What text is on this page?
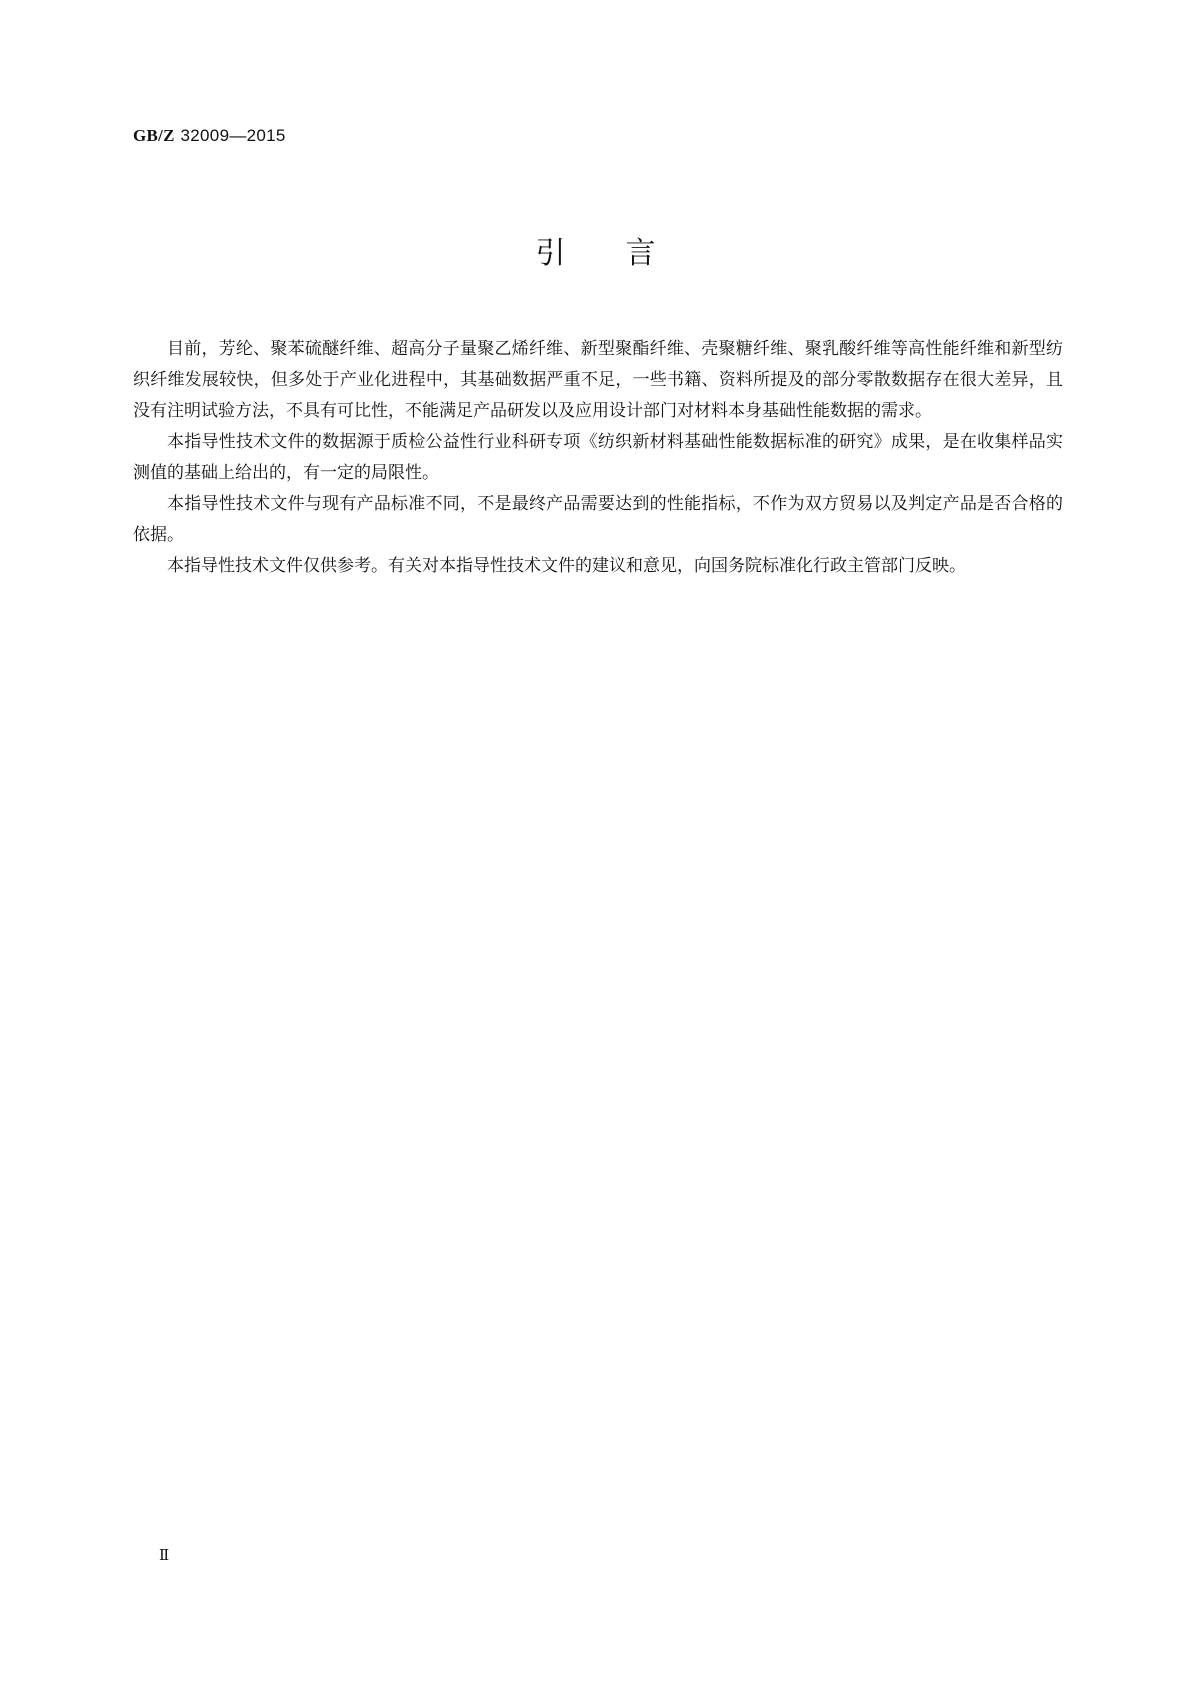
GB/Z 32009—2015
引 言

目前，芳纶、聚苯硫醚纤维、超高分子量聚乙烯纤维、新型聚酯纤维、壳聚糖纤维、聚乳酸纤维等高性能纤维和新型纺织纤维发展较快，但多处于产业化进程中，其基础数据严重不足，一些书籍、资料所提及的部分零散数据存在很大差异，且没有注明试验方法，不具有可比性，不能满足产品研发以及应用设计部门对材料本身基础性能数据的需求。

本指导性技术文件的数据源于质检公益性行业科研专项《纺织新材料基础性能数据标准的研究》成果，是在收集样品实测值的基础上给出的，有一定的局限性。

本指导性技术文件与现有产品标准不同，不是最终产品需要达到的性能指标，不作为双方贸易以及判定产品是否合格的依据。

本指导性技术文件仅供参考。有关对本指导性技术文件的建议和意见，向国务院标准化行政主管部门反映。

Ⅱ
